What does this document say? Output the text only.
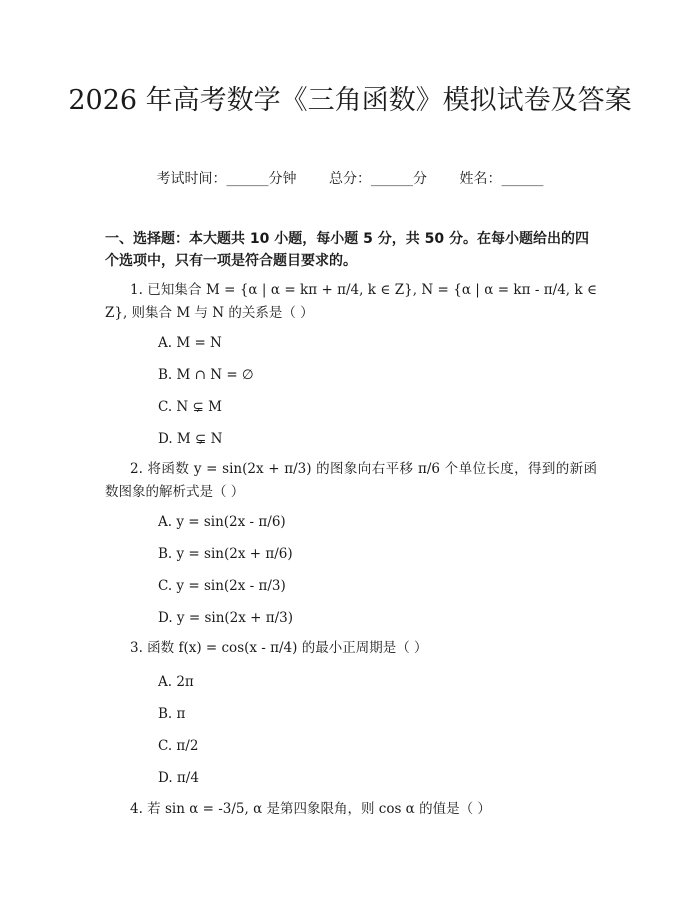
2026 年高考数学《三角函数》模拟试卷及答案
考试时间：______分钟 总分：______分 姓名：______

一、选择题：本大题共 10 小题，每小题 5 分，共 50 分。在每小题给出的四个选项中，只有一项是符合题目要求的。

1. 已知集合 M = {α | α = kπ + π/4, k ∈ Z}, N = {α | α = kπ - π/4, k ∈ Z}, 则集合 M 与 N 的关系是（ ）
A. M = N
B. M ∩ N = ∅
C. N ⊊ M
D. M ⊊ N
2. 将函数 y = sin(2x + π/3) 的图象向右平移 π/6 个单位长度，得到的新函数图象的解析式是（ ）
A. y = sin(2x - π/6)
B. y = sin(2x + π/6)
C. y = sin(2x - π/3)
D. y = sin(2x + π/3)
3. 函数 f(x) = cos(x - π/4) 的最小正周期是（ ）
A. 2π
B. π
C. π/2
D. π/4
4. 若 sin α = -3/5, α 是第四象限角，则 cos α 的值是（ ）
